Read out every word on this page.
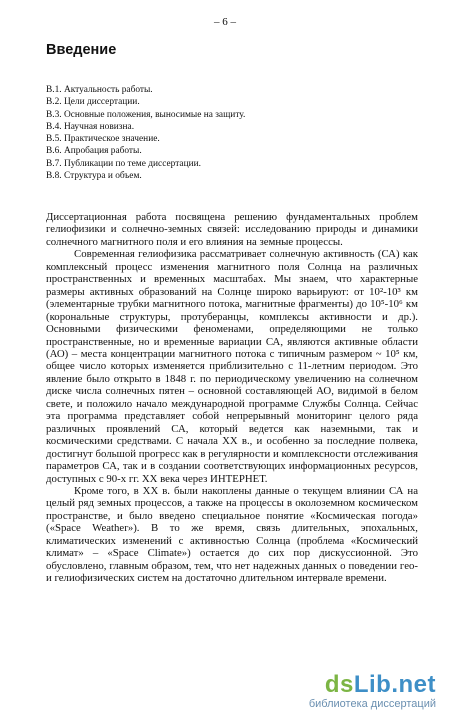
– 6 –
Введение
В.1. Актуальность работы.
В.2. Цели диссертации.
В.3. Основные положения, выносимые на защиту.
В.4. Научная новизна.
В.5. Практическое значение.
В.6. Апробация работы.
В.7. Публикации по теме диссертации.
В.8. Структура и объем.

Диссертационная работа посвящена решению фундаментальных проблем гелиофизики и солнечно-земных связей: исследованию природы и динамики солнечного магнитного поля и его влияния на земные процессы.

Современная гелиофизика рассматривает солнечную активность (СА) как комплексный процесс изменения магнитного поля Солнца на различных пространственных и временных масштабах. Мы знаем, что характерные размеры активных образований на Солнце широко варьируют: от 10²-10³ км (элементарные трубки магнитного потока, магнитные фрагменты) до 10⁵-10⁶ км (корональные структуры, протуберанцы, комплексы активности и др.). Основными физическими феноменами, определяющими не только пространственные, но и временные вариации СА, являются активные области (АО) – места концентрации магнитного потока с типичным размером ~ 10⁵ км, общее число которых изменяется приблизительно с 11-летним периодом. Это явление было открыто в 1848 г. по периодическому увеличению на солнечном диске числа солнечных пятен – основной составляющей АО, видимой в белом свете, и положило начало международной программе Службы Солнца. Сейчас эта программа представляет собой непрерывный мониторинг целого ряда различных проявлений СА, который ведется как наземными, так и космическими средствами. С начала XX в., и особенно за последние полвека, достигнут большой прогресс как в регулярности и комплексности отслеживания параметров СА, так и в создании соответствующих информационных ресурсов, доступных с 90-х гг. XX века через ИНТЕРНЕТ.

Кроме того, в XX в. были накоплены данные о текущем влиянии СА на целый ряд земных процессов, а также на процессы в околоземном космическом пространстве, и было введено специальное понятие «Космическая погода» («Space Weather»). В то же время, связь длительных, эпохальных, климатических изменений с активностью Солнца (проблема «Космический климат» – «Space Climate») остается до сих пор дискуссионной. Это обусловлено, главным образом, тем, что нет надежных данных о поведении гео- и гелиофизических систем на достаточно длительном интервале времени.

dsLib.net
библиотека диссертаций
